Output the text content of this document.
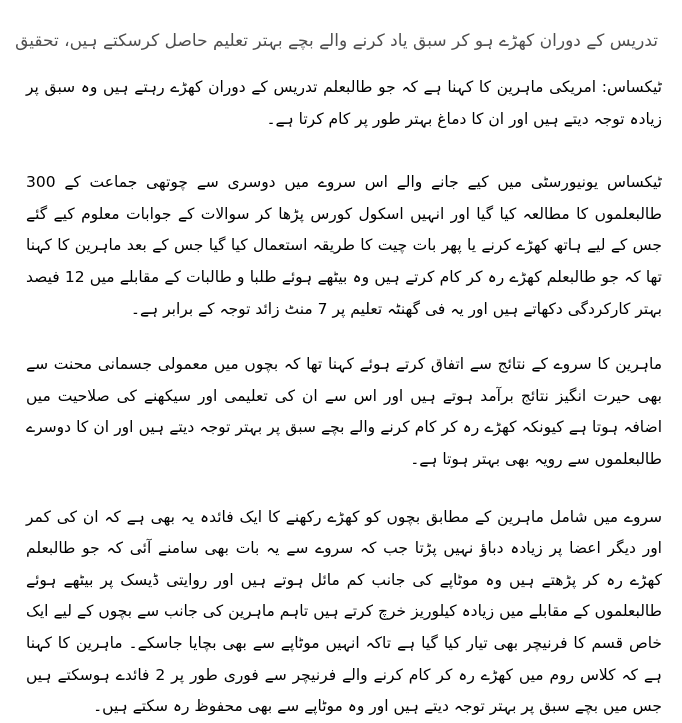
تدریس کے دوران کھڑے ہو کر سبق یاد کرنے والے بچے بہتر تعلیم حاصل کرسکتے ہیں، تحقیق

ٹیکساس: امریکی ماہرین کا کہنا ہے کہ جو طالبعلم تدریس کے دوران کھڑے رہتے ہیں وہ سبق پر زیادہ توجہ دیتے ہیں اور ان کا دماغ بہتر طور پر کام کرتا ہے۔

ٹیکساس یونیورسٹی میں کیے جانے والے اس سروے میں دوسری سے چوتھی جماعت کے 300 طالبعلموں کا مطالعہ کیا گیا اور انہیں اسکول کورس پڑھا کر سوالات کے جوابات معلوم کیے گئے جس کے لیے ہاتھ کھڑے کرنے یا پھر بات چیت کا طریقہ استعمال کیا گیا جس کے بعد ماہرین کا کہنا تھا کہ جو طالبعلم کھڑے رہ کر کام کرتے ہیں وہ بیٹھے ہوئے طلبا و طالبات کے مقابلے میں 12 فیصد بہتر کارکردگی دکھاتے ہیں اور یہ فی گھنٹہ تعلیم پر 7 منٹ زائد توجہ کے برابر ہے۔

ماہرین کا سروے کے نتائج سے اتفاق کرتے ہوئے کہنا تھا کہ بچوں میں معمولی جسمانی محنت سے بھی حیرت انگیز نتائج برآمد ہوتے ہیں اور اس سے ان کی تعلیمی اور سیکھنے کی صلاحیت میں اضافہ ہوتا ہے کیونکہ کھڑے رہ کر کام کرنے والے بچے سبق پر بہتر توجہ دیتے ہیں اور ان کا دوسرے طالبعلموں سے رویہ بھی بہتر ہوتا ہے۔

سروے میں شامل ماہرین کے مطابق بچوں کو کھڑے رکھنے کا ایک فائدہ یہ بھی ہے کہ ان کی کمر اور دیگر اعضا پر زیادہ دباؤ نہیں پڑتا جب کہ سروے سے یہ بات بھی سامنے آئی کہ جو طالبعلم کھڑے رہ کر پڑھتے ہیں وہ موٹاپے کی جانب کم مائل ہوتے ہیں اور روایتی ڈیسک پر بیٹھے ہوئے طالبعلموں کے مقابلے میں زیادہ کیلوریز خرچ کرتے ہیں تاہم ماہرین کی جانب سے بچوں کے لیے ایک خاص قسم کا فرنیچر بھی تیار کیا گیا ہے تاکہ انہیں موٹاپے سے بھی بچایا جاسکے۔ ماہرین کا کہنا ہے کہ کلاس روم میں کھڑے رہ کر کام کرنے والے فرنیچر سے فوری طور پر 2 فائدے ہوسکتے ہیں جس میں بچے سبق پر بہتر توجہ دیتے ہیں اور وہ موٹاپے سے بھی محفوظ رہ سکتے ہیں۔
